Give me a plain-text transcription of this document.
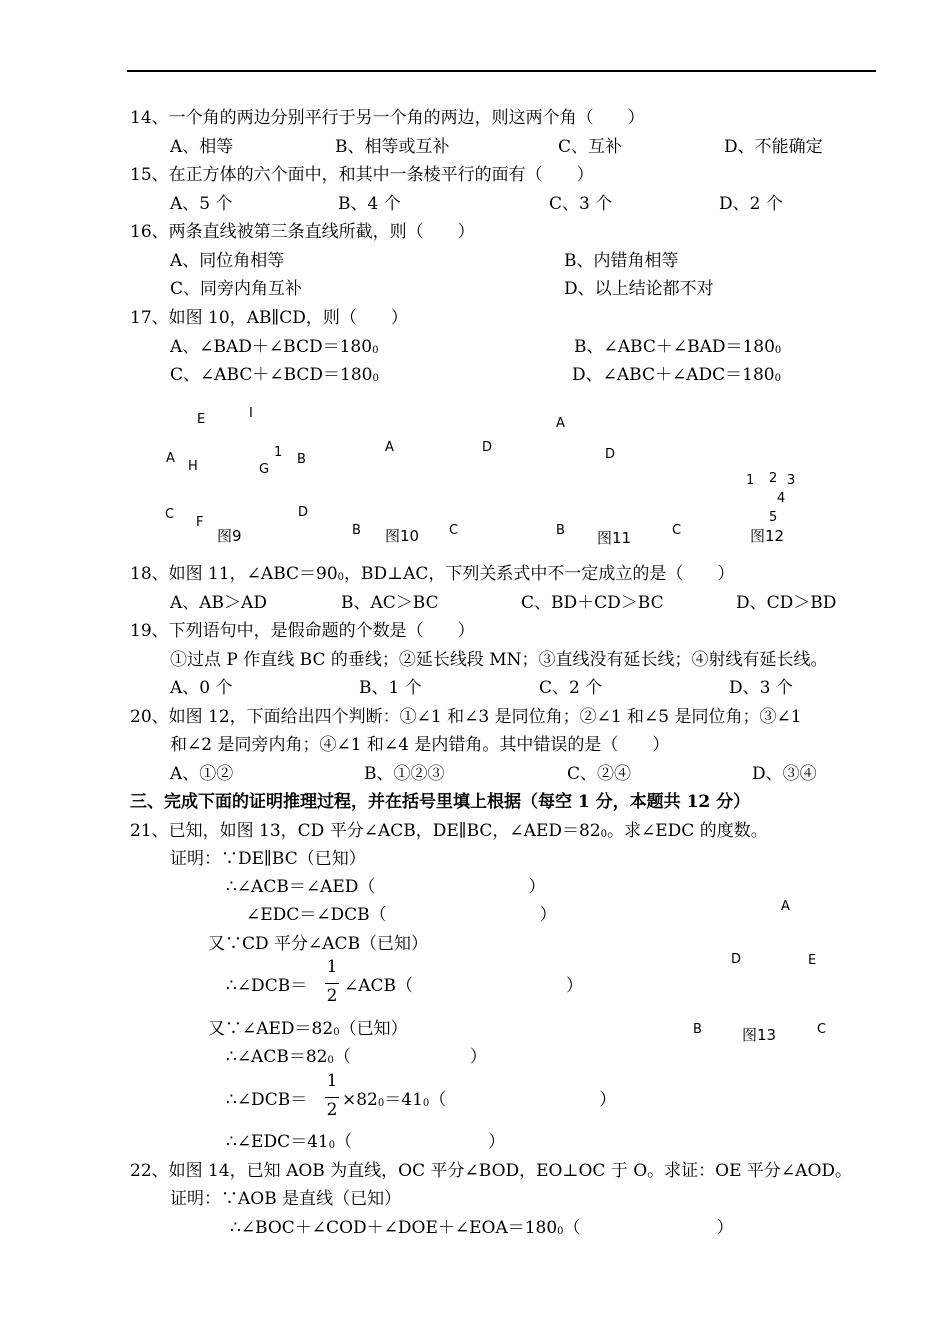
14、一个角的两边分别平行于另一个角的两边，则这两个角（　　）
A、相等	B、相等或互补	C、互补	D、不能确定
15、在正方体的六个面中，和其中一条棱平行的面有（　　）
A、5 个	B、4 个	C、3 个	D、2 个
16、两条直线被第三条直线所截，则（　　）
A、同位角相等	B、内错角相等
C、同旁内角互补	D、以上结论都不对
17、如图 10，AB∥CD，则（　　）
A、$\angle BAD+\angle BCD=180^0$	B、$\angle ABC+\angle BAD=180^0$
C、$\angle ABC+\angle BCD=180^0$	D、$\angle ABC+\angle ADC=180^0$
E	I
A
H
1
G
B
C
F
图9
D
A	D
B 图10 C
A
D
B 图11	C
1 2 3
4
5
图12
18、如图 11，$\angle ABC=90^0$，BD⊥AC，下列关系式中不一定成立的是（　　）
A、AB＞AD	B、AC＞BC	C、BD＋CD＞BC	D、CD＞BD
19、下列语句中，是假命题的个数是（　　）
①过点 P 作直线 BC 的垂线；②延长线段 MN；③直线没有延长线；④射线有延长线。
A、0 个	B、1 个	C、2 个	D、3 个
20、如图 12，下面给出四个判断：①∠1 和∠3 是同位角；②∠1 和∠5 是同位角；③∠1
和∠2 是同旁内角；④∠1 和∠4 是内错角。其中错误的是（　　）
A、①②	B、①②③	C、②④	D、③④
三、完成下面的证明推理过程，并在括号里填上根据（每空 1 分，本题共 12 分）
21、已知，如图 13，CD 平分∠ACB，DE∥BC，$\angle AED=82^0$。求∠EDC 的度数。
证明：∵DE∥BC（已知）
∴∠ACB＝∠AED（　　　　　　　　　）
∠EDC＝∠DCB（　　　　　　　　　）
又∵CD 平分∠ACB（已知）
∴∠DCB＝
1
2 ∠ACB（　　　　　　　　　）
又$\because\angle AED=82^0$（已知）
$\therefore\angle ACB=82^0$（　　　　　　　）
∴∠DCB＝
1
$2 \times 82^0=41^0$（　　　　　　　　　）
$\therefore\angle EDC=41^0$（　　　　　　　　）
A
D	E
B	图13	C
22、如图 14，已知 AOB 为直线，OC 平分∠BOD，EO⊥OC 于 O。求证：OE 平分∠AOD。
证明：∵AOB 是直线（已知）
$\therefore\angle BOC+\angle COD+\angle DOE+\angle EOA=180^0$（　　　　　　　　）
